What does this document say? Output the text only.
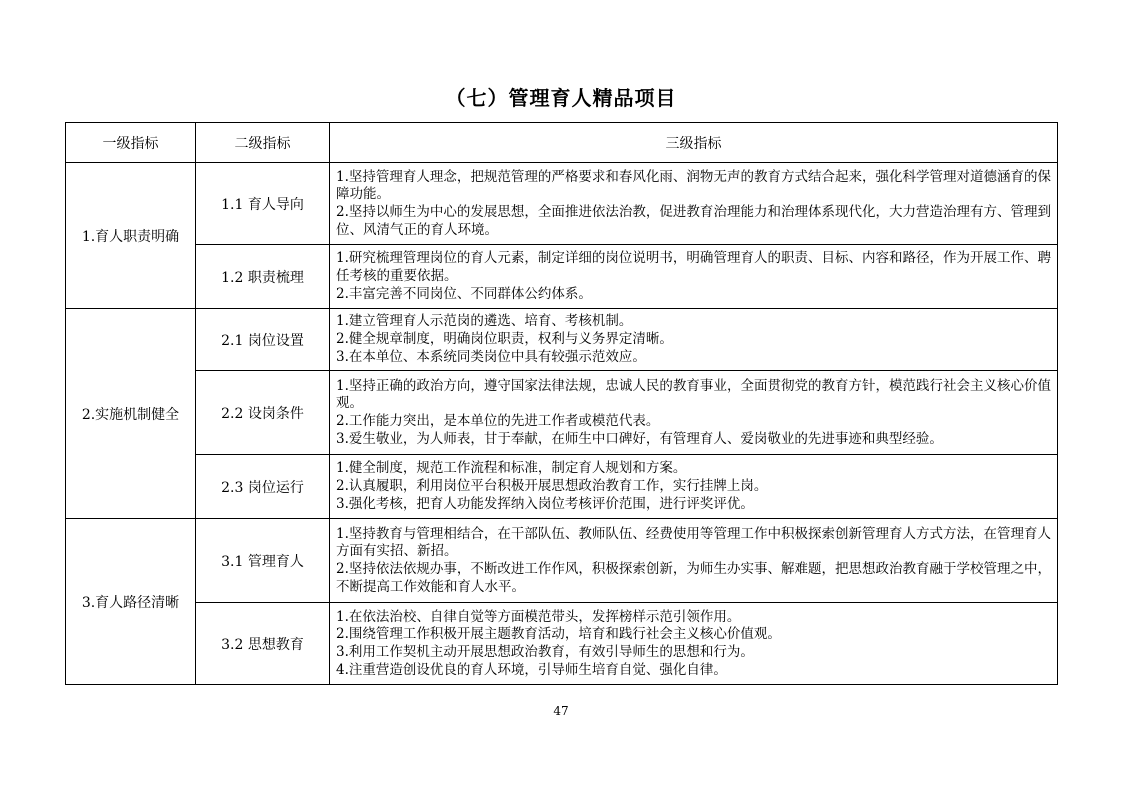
（七）管理育人精品项目
一级指标	二级指标	三级指标
1.育人职责明确	1.1 育人导向	1.坚持管理育人理念，把规范管理的严格要求和春风化雨、润物无声的教育方式结合起来，强化科学管理对道德涵育的保障功能。
2.坚持以师生为中心的发展思想，全面推进依法治教，促进教育治理能力和治理体系现代化，大力营造治理有方、管理到位、风清气正的育人环境。

	1.2 职责梳理	1.研究梳理管理岗位的育人元素，制定详细的岗位说明书，明确管理育人的职责、目标、内容和路径，作为开展工作、聘任考核的重要依据。
2.丰富完善不同岗位、不同群体公约体系。

2.实施机制健全	2.1 岗位设置	1.建立管理育人示范岗的遴选、培育、考核机制。
2.健全规章制度，明确岗位职责，权利与义务界定清晰。
3.在本单位、本系统同类岗位中具有较强示范效应。

	2.2 设岗条件	1.坚持正确的政治方向，遵守国家法律法规，忠诚人民的教育事业，全面贯彻党的教育方针，模范践行社会主义核心价值观。
2.工作能力突出，是本单位的先进工作者或模范代表。
3.爱生敬业，为人师表，甘于奉献，在师生中口碑好，有管理育人、爱岗敬业的先进事迹和典型经验。

	2.3 岗位运行	1.健全制度，规范工作流程和标准，制定育人规划和方案。
2.认真履职，利用岗位平台积极开展思想政治教育工作，实行挂牌上岗。
3.强化考核，把育人功能发挥纳入岗位考核评价范围，进行评奖评优。

3.育人路径清晰	3.1 管理育人	1.坚持教育与管理相结合，在干部队伍、教师队伍、经费使用等管理工作中积极探索创新管理育人方式方法，在管理育人方面有实招、新招。
2.坚持依法依规办事，不断改进工作作风，积极探索创新，为师生办实事、解难题，把思想政治教育融于学校管理之中，不断提高工作效能和育人水平。

	3.2 思想教育	1.在依法治校、自律自觉等方面模范带头，发挥榜样示范引领作用。
2.围绕管理工作积极开展主题教育活动，培育和践行社会主义核心价值观。
3.利用工作契机主动开展思想政治教育，有效引导师生的思想和行为。
4.注重营造创设优良的育人环境，引导师生培育自觉、强化自律。
47
